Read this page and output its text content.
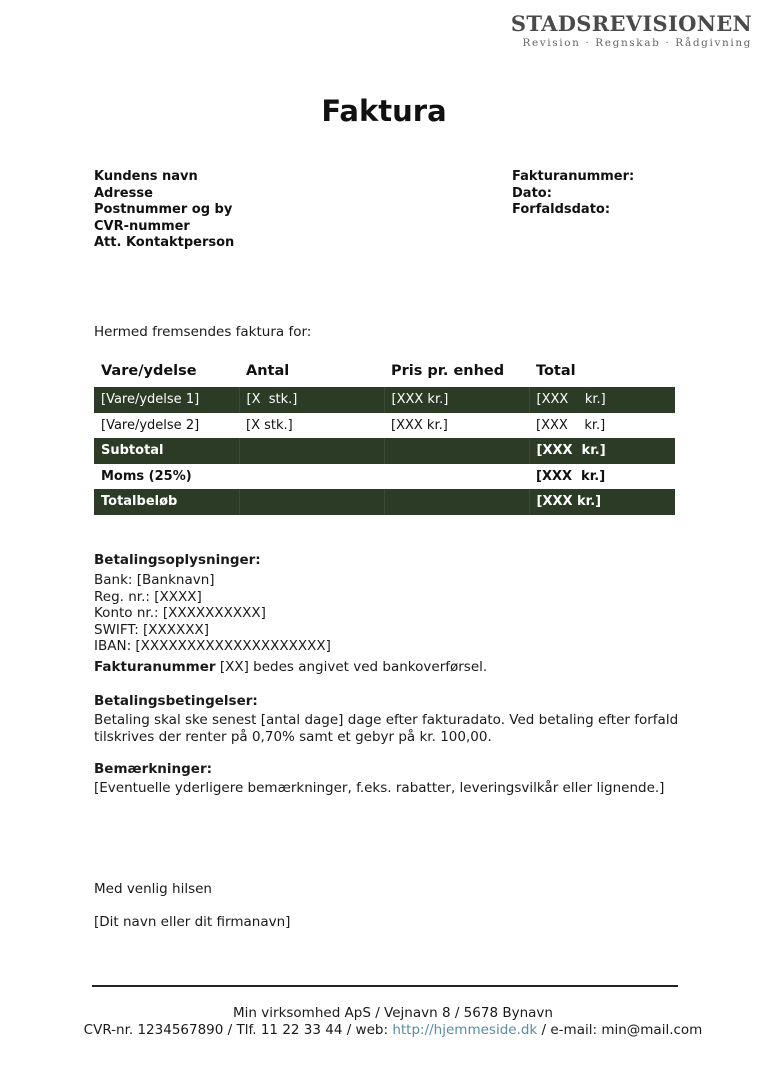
STADSREVISIONEN
Revision · Regnskab · Rådgivning
Faktura
Kundens navn
Adresse
Postnummer og by
CVR-nummer
Att. Kontaktperson
Fakturanummer:
Dato:
Forfaldsdato:
Hermed fremsendes faktura for:
Vare/ydelse	Antal	Pris pr. enhed	Total
[Vare/ydelse 1]	[X  stk.]	[XXX kr.]	[XXX    kr.]
[Vare/ydelse 2]	[X stk.]	[XXX kr.]	[XXX    kr.]
Subtotal			[XXX  kr.]
Moms (25%)			[XXX  kr.]
Totalbeløb			[XXX kr.]
Betalingsoplysninger:
Bank: [Banknavn]
Reg. nr.: [XXXX]
Konto nr.: [XXXXXXXXXX]
SWIFT: [XXXXXX]
IBAN: [XXXXXXXXXXXXXXXXXXXX]
Fakturanummer [XX] bedes angivet ved bankoverførsel.
Betalingsbetingelser:
Betaling skal ske senest [antal dage] dage efter fakturadato. Ved betaling efter forfald
tilskrives der renter på 0,70% samt et gebyr på kr. 100,00.
Bemærkninger:
[Eventuelle yderligere bemærkninger, f.eks. rabatter, leveringsvilkår eller lignende.]
Med venlig hilsen
[Dit navn eller dit firmanavn]
Min virksomhed ApS / Vejnavn 8 / 5678 Bynavn
CVR-nr. 1234567890 / Tlf. 11 22 33 44 / web: http://hjemmeside.dk / e-mail: min@mail.com
